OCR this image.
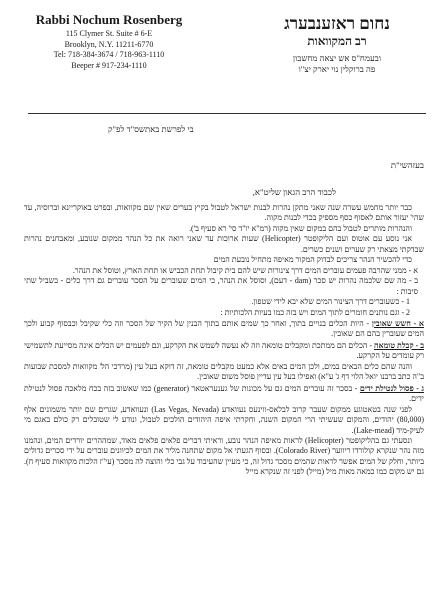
Rabbi Nochum Rosenberg
115 Clymer St. Suite # 6-E
Brooklyn, N.Y. 11211-6770
Tel: 718-384-3674 / 718-963-1110
Beeper # 917-234-1110
נחום ראזענבערג
רב המקוואות
ובעמח"ס אש יצאה מחשבון
פה ברוקלין נוי יארק יצ"ו
בי לפרשת באתשס"ד לפ"ק
בעזהשי"ת
לכבוד הרב הגאון שליט"א,

כבר יותר מחמש עשרה שנה שאני מתקן נהרות לבנות ישראל לטבול בקיץ בערים שאין שם מקוואות, ובפרט באוקריינא וברוסיה, עד שהי' יעזור אותם לאסוף כסף מספיק בכדי לבנות מקוה.

והנהרות מותרים לטבול בהם במקום שאין מקוה (רמ"א יו"ד סי' רא סעיף ב').

אני נוסע עם אוטוס ועם הליקופטר (Helicopter) שעות ארוכות עד שאני רואה את כל הנהר ממקום שנובע, ומאבחנים נהרות שבדקתי מצאתי רק שערים ושנים כשרים.

כדי להכשיר הנהר צריכים לבדוק המקור מאיפה מתחיל נובעת המים

א - ממני שהרבה פעמים עוברים המים דרך צינורות שיש להם בית קיבול תחת הכביש או תחת הארץ, וטוסל את הנהר.

ב - מה שם שלכמה נהרות יש סכר (dam - דעם), וסוסל את הנהר, כי המים שעוברים על הסכר עוברים גם דרך כלים - בשביל שתי סיבות :

1 - כשעוברים דרך הצינור המים שלא יבא לידי שטפון.

2 - וגם נותנים חומרים לתוך המים ויש בזה כמו בעיות הלכותיות :

א - חשש שאובין - היות הכלים בנויים בתוך, ואחר כך שמים אותם בתוך הבנין של הקיר של הסכר וזה כלי שקיבל וכבסוף קבוע ולכך המים שעוברין בהם הם שאובין.

ב - קבלת טומאה - הכלים הם ממתכת ומקבלים טומאה וזה לא נעשה לשמש את הקרקע, וגם לפעמים יש הכלים אינה מסייעת לתשמישי רק עומדים על הקרקע.

והנה שהם כלים הבאים במים, ולכן המים באים אלא כמעט מקבלים טומאה, זה דוקא בעל עין (מרדכי הל' מקוואות למסכת שבועות ב"ה כתב ברבנו יואל הלוי דף ג' ע"א) ואפילו בעל עין עדיין פוסל משום שאובין.

ג - פסול לנטילת ידים - בסכר זה עוברים המים גם על מכונות של גענעראטאר (generator) כמו שאשוב בזה בכח מלאכה פסול לנטילת ידים.

לפני שנה בטאטוגע ממקום שעבר קרוב לבלאס-ווינעס נעוואדע (Las Vegas, Nevada) ונעוואדע, שגרים שם יותר משמונים אלף (80,000) יהודים, והמקום שעשיתי הרי המקום השנה, וחקרתי איפה היהודים הולכים לטבול, ונודע לי שטובלים רק כולם באגם מי לעיק-מיד (Lake-mead).

ונסעתי גם בהליקופטר (Helicopter) לראות מאיפה הנהר נובע, וראיתי דברים פלאים פלאים מאוד, שמההרים יורדים המים, ונהמנו מזה נהר שנקרא קולורדו ריווער (Colorado River). ובסוף הגעתי אל מקום שתחנה מליר את המים לכיוונים עוברים על ידי סכרים גדולים ביותר, וחלק של המים אפשר לראות שהמים מסכר גדול זה, כי מעיין שהעיבוד על גבי כלי והוצה לה מסכר (עי"ז הלכות מקוואות סעיף ח). גם יש מקום כמו כמאה מאות מיל (מייל) לפני זה שנקרא מייל
